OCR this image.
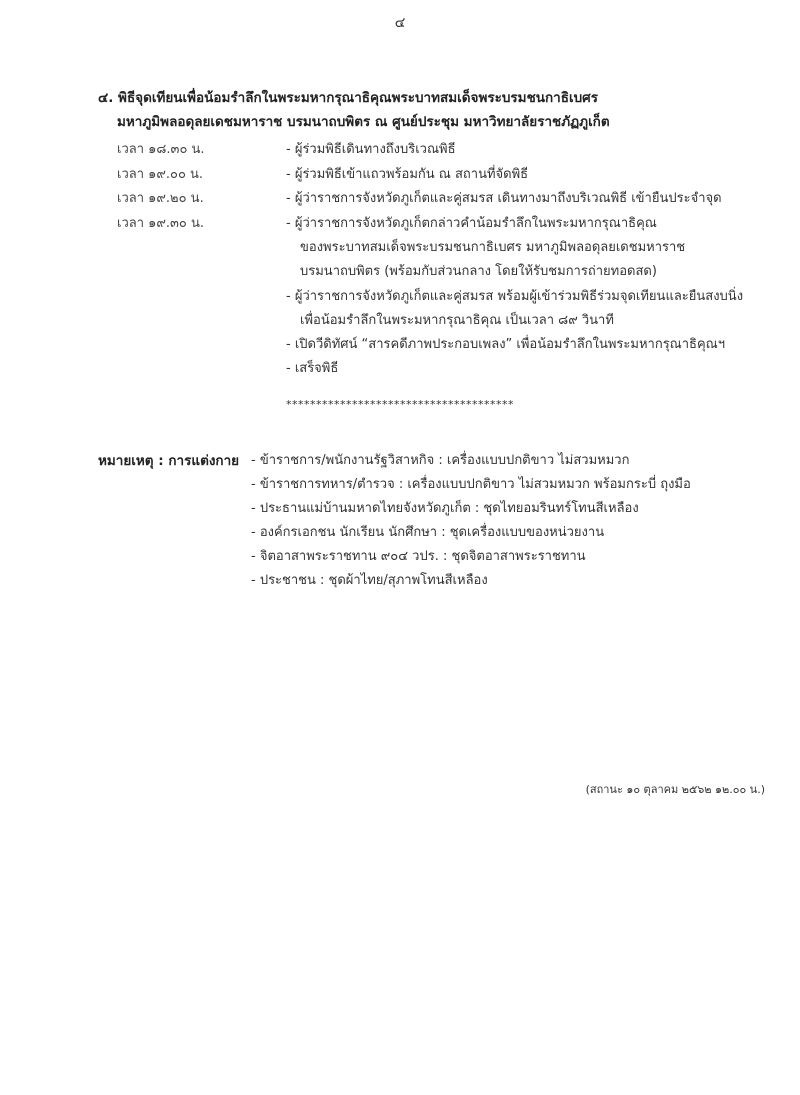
๔
๔. พิธีจุดเทียนเพื่อน้อมรำลึกในพระมหากรุณาธิคุณพระบาทสมเด็จพระบรมชนกาธิเบศร
มหาภูมิพลอดุลยเดชมหาราช บรมนาถบพิตร ณ ศูนย์ประชุม มหาวิทยาลัยราชภัฏภูเก็ต
เวลา ๑๘.๓๐ น.
เวลา ๑๙.๐๐ น.
เวลา ๑๙.๒๐ น.
เวลา ๑๙.๓๐ น.
- ผู้ร่วมพิธีเดินทางถึงบริเวณพิธี
- ผู้ร่วมพิธีเข้าแถวพร้อมกัน ณ สถานที่จัดพิธี
- ผู้ว่าราชการจังหวัดภูเก็ตและคู่สมรส เดินทางมาถึงบริเวณพิธี เข้ายืนประจำจุด
- ผู้ว่าราชการจังหวัดภูเก็ตกล่าวคำน้อมรำลึกในพระมหากรุณาธิคุณ
ของพระบาทสมเด็จพระบรมชนกาธิเบศร มหาภูมิพลอดุลยเดชมหาราช
บรมนาถบพิตร (พร้อมกับส่วนกลาง โดยให้รับชมการถ่ายทอดสด)
- ผู้ว่าราชการจังหวัดภูเก็ตและคู่สมรส พร้อมผู้เข้าร่วมพิธีร่วมจุดเทียนและยืนสงบนิ่ง
เพื่อน้อมรำลึกในพระมหากรุณาธิคุณ เป็นเวลา ๘๙ วินาที
- เปิดวีดิทัศน์ “สารคดีภาพประกอบเพลง” เพื่อน้อมรำลึกในพระมหากรุณาธิคุณฯ
- เสร็จพิธี
**************************************
หมายเหตุ : การแต่งกาย - ข้าราชการ/พนักงานรัฐวิสาหกิจ : เครื่องแบบปกติขาว ไม่สวมหมวก
- ข้าราชการทหาร/ตำรวจ : เครื่องแบบปกติขาว ไม่สวมหมวก พร้อมกระบี่ ถุงมือ
- ประธานแม่บ้านมหาดไทยจังหวัดภูเก็ต : ชุดไทยอมรินทร์โทนสีเหลือง
- องค์กรเอกชน นักเรียน นักศึกษา : ชุดเครื่องแบบของหน่วยงาน
- จิตอาสาพระราชทาน ๙๐๔ วปร. : ชุดจิตอาสาพระราชทาน
- ประชาชน : ชุดผ้าไทย/สุภาพโทนสีเหลือง
(สถานะ ๑๐ ตุลาคม ๒๕๖๒ ๑๒.๐๐ น.)
